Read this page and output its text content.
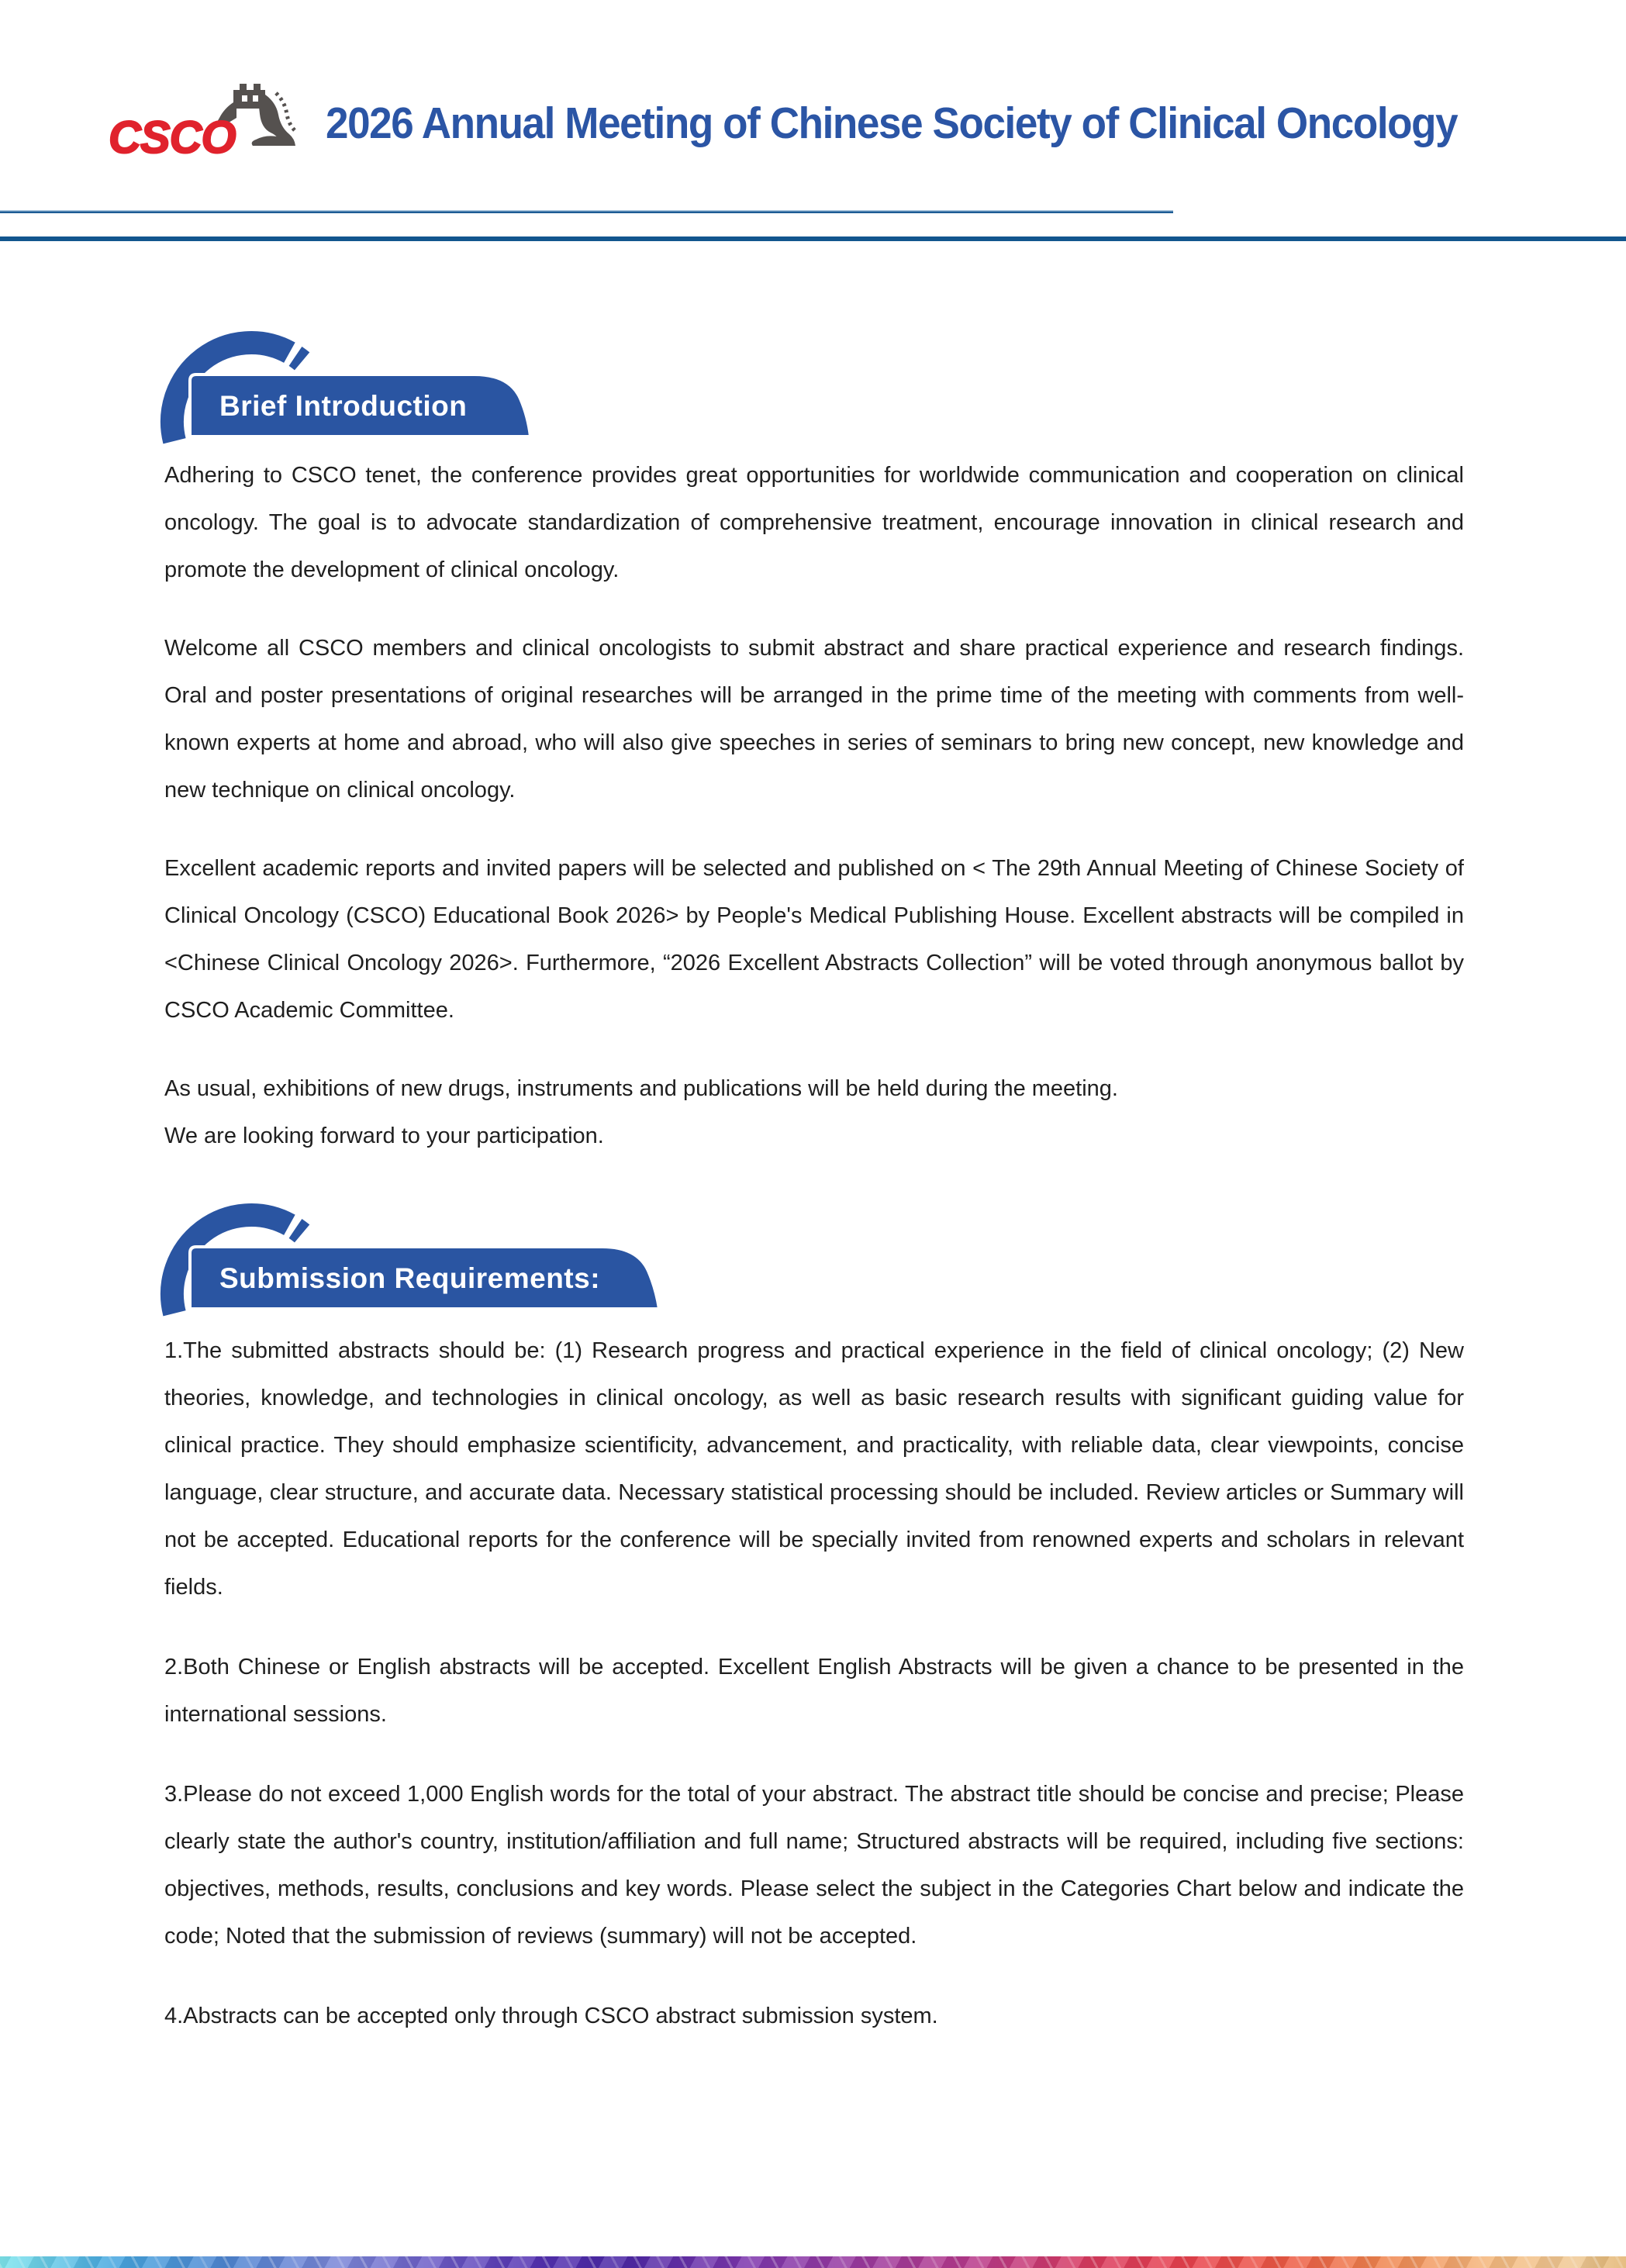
CSCO 2026 Annual Meeting of Chinese Society of Clinical Oncology
Brief Introduction

Adhering to CSCO tenet, the conference provides great opportunities for worldwide communication and cooperation on clinical oncology. The goal is to advocate standardization of comprehensive treatment, encourage innovation in clinical research and promote the development of clinical oncology.

Welcome all CSCO members and clinical oncologists to submit abstract and share practical experience and research findings. Oral and poster presentations of original researches will be arranged in the prime time of the meeting with comments from well-known experts at home and abroad, who will also give speeches in series of seminars to bring new concept, new knowledge and new technique on clinical oncology.

Excellent academic reports and invited papers will be selected and published on < The 29th Annual Meeting of Chinese Society of Clinical Oncology (CSCO) Educational Book 2026> by People's Medical Publishing House. Excellent abstracts will be compiled in <Chinese Clinical Oncology 2026>. Furthermore, “2026 Excellent Abstracts Collection” will be voted through anonymous ballot by CSCO Academic Committee.

As usual, exhibitions of new drugs, instruments and publications will be held during the meeting.

We are looking forward to your participation.

Submission Requirements:

1.The submitted abstracts should be: (1) Research progress and practical experience in the field of clinical oncology; (2) New theories, knowledge, and technologies in clinical oncology, as well as basic research results with significant guiding value for clinical practice. They should emphasize scientificity, advancement, and practicality, with reliable data, clear viewpoints, concise language, clear structure, and accurate data. Necessary statistical processing should be included. Review articles or Summary will not be accepted. Educational reports for the conference will be specially invited from renowned experts and scholars in relevant fields.

2.Both Chinese or English abstracts will be accepted. Excellent English Abstracts will be given a chance to be presented in the international sessions.

3.Please do not exceed 1,000 English words for the total of your abstract. The abstract title should be concise and precise; Please clearly state the author's country, institution/affiliation and full name; Structured abstracts will be required, including five sections: objectives, methods, results, conclusions and key words. Please select the subject in the Categories Chart below and indicate the code; Noted that the submission of reviews (summary) will not be accepted.

4.Abstracts can be accepted only through CSCO abstract submission system.
